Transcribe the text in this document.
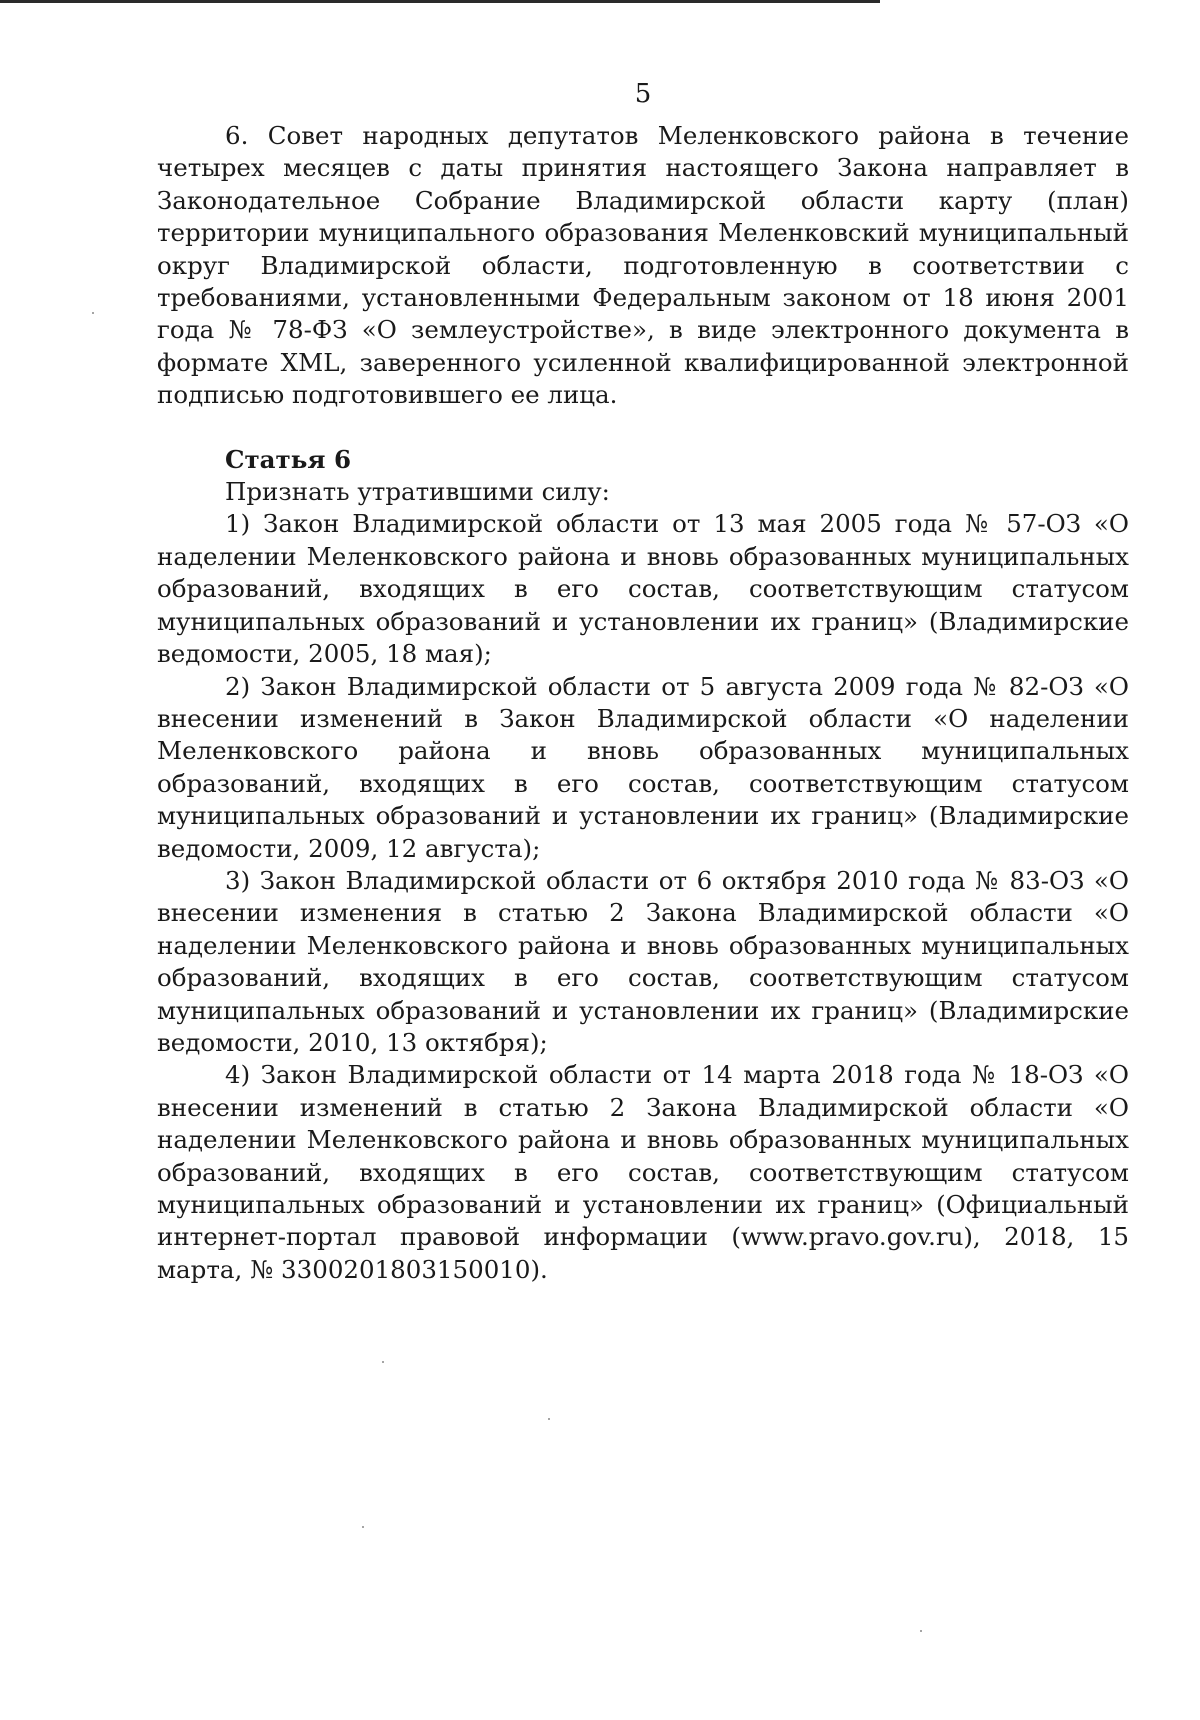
5

6. Совет народных депутатов Меленковского района в течение четырех месяцев с даты принятия настоящего Закона направляет в Законодательное Собрание Владимирской области карту (план) территории муниципального образования Меленковский муниципальный округ Владимирской области, подготовленную в соответствии с требованиями, установленными Федеральным законом от 18 июня 2001 года № 78-ФЗ «О землеустройстве», в виде электронного документа в формате XML, заверенного усиленной квалифицированной электронной подписью подготовившего ее лица.

Статья 6

Признать утратившими силу:

1) Закон Владимирской области от 13 мая 2005 года № 57-ОЗ «О наделении Меленковского района и вновь образованных муниципальных образований, входящих в его состав, соответствующим статусом муниципальных образований и установлении их границ» (Владимирские ведомости, 2005, 18 мая);

2) Закон Владимирской области от 5 августа 2009 года № 82-ОЗ «О внесении изменений в Закон Владимирской области «О наделении Меленковского района и вновь образованных муниципальных образований, входящих в его состав, соответствующим статусом муниципальных образований и установлении их границ» (Владимирские ведомости, 2009, 12 августа);

3) Закон Владимирской области от 6 октября 2010 года № 83-ОЗ «О внесении изменения в статью 2 Закона Владимирской области «О наделении Меленковского района и вновь образованных муниципальных образований, входящих в его состав, соответствующим статусом муниципальных образований и установлении их границ» (Владимирские ведомости, 2010, 13 октября);

4) Закон Владимирской области от 14 марта 2018 года № 18-ОЗ «О внесении изменений в статью 2 Закона Владимирской области «О наделении Меленковского района и вновь образованных муниципальных образований, входящих в его состав, соответствующим статусом муниципальных образований и установлении их границ» (Официальный интернет-портал правовой информации (www.pravo.gov.ru), 2018, 15 марта, № 3300201803150010).
